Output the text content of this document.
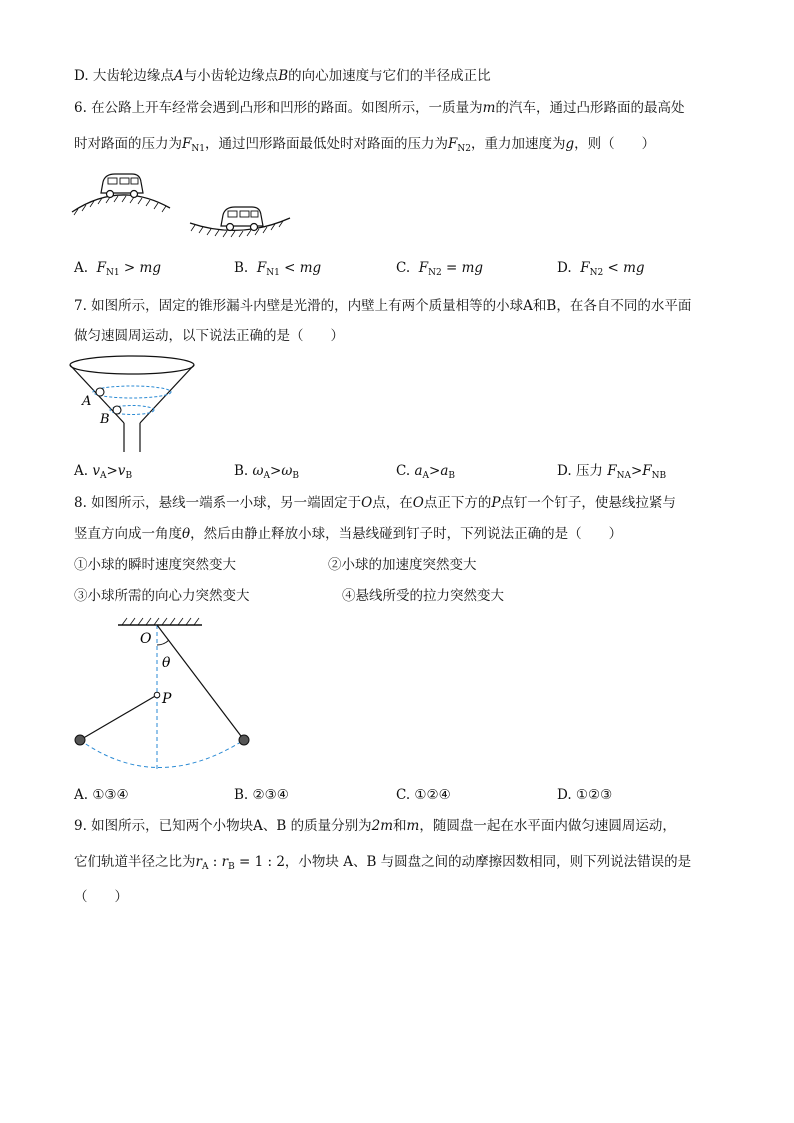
D. 大齿轮边缘点A与小齿轮边缘点B的向心加速度与它们的半径成正比
6. 在公路上开车经常会遇到凸形和凹形的路面。如图所示，一质量为m的汽车，通过凸形路面的最高处
时对路面的压力为$F_{N1}$，通过凹形路面最低处时对路面的压力为$F_{N2}$，重力加速度为g，则（　　）
A. $F_{N1}$ > mg	B. $F_{N1}$ < mg	C. $F_{N2}$ = mg	D. $F_{N2}$ < mg
7. 如图所示，固定的锥形漏斗内壁是光滑的，内壁上有两个质量相等的小球A和B，在各自不同的水平面
做匀速圆周运动，以下说法正确的是（　　）
A
B
A. $v_A>v_B$	B. $\omega_A>\omega_B$	C. $a_A>a_B$	D. 压力 $F_{NA}>F_{NB}$
8. 如图所示，悬线一端系一小球，另一端固定于O点，在O点正下方的P点钉一个钉子，使悬线拉紧与
竖直方向成一角度θ，然后由静止释放小球，当悬线碰到钉子时，下列说法正确的是（　　）
①小球的瞬时速度突然变大	②小球的加速度突然变大
③小球所需的向心力突然变大	④悬线所受的拉力突然变大
O
θ
P
A. ①③④	B. ②③④	C. ①②④	D. ①②③
9. 如图所示，已知两个小物块A、B 的质量分别为2m和m，随圆盘一起在水平面内做匀速圆周运动，
它们轨道半径之比为$r_A$ : $r_B = 1$ : 2，小物块 A、B 与圆盘之间的动摩擦因数相同，则下列说法错误的是
（　　）
